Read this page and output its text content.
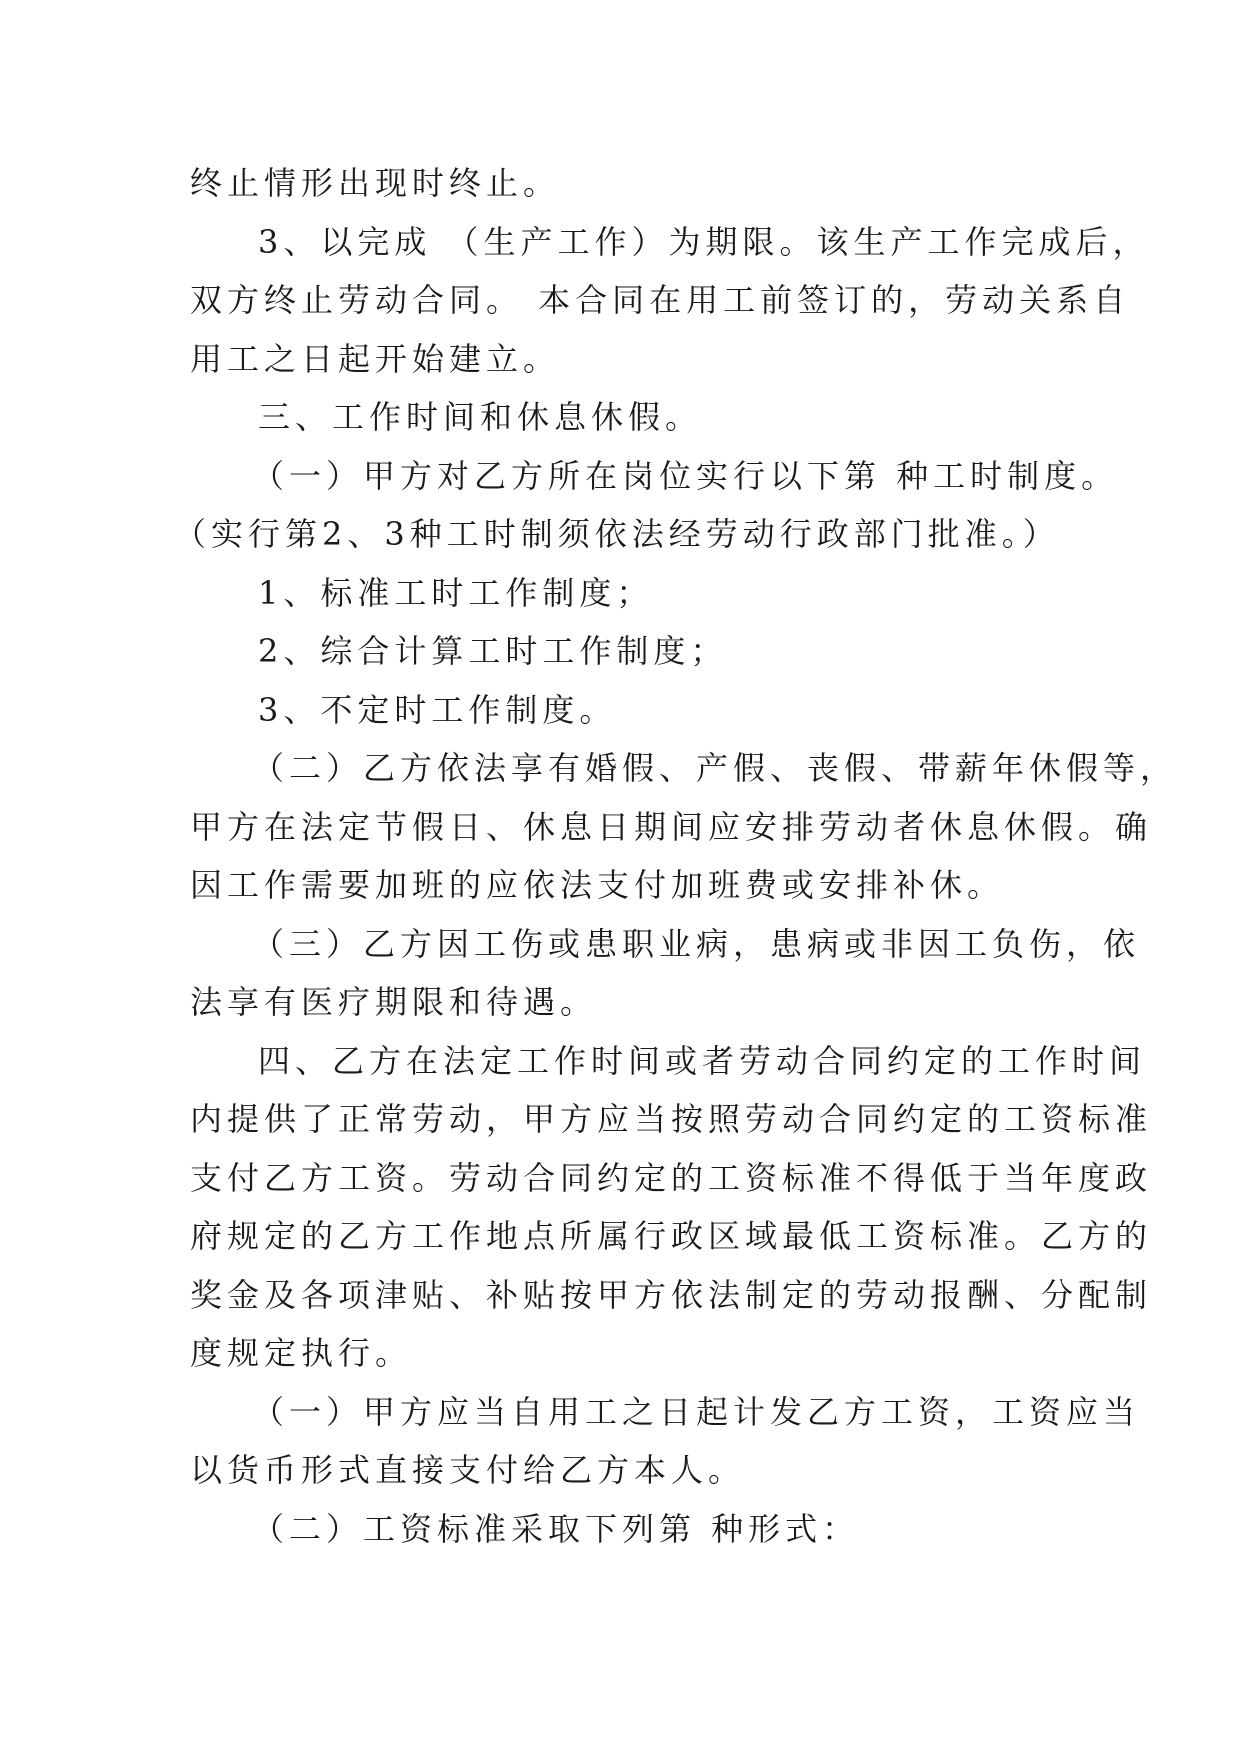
终止情形出现时终止。

3、以完成 （生产工作）为期限。该生产工作完成后，

双方终止劳动合同。 本合同在用工前签订的，劳动关系自

用工之日起开始建立。

三、工作时间和休息休假。

（一）甲方对乙方所在岗位实行以下第 种工时制度。

（实行第2、3种工时制须依法经劳动行政部门批准。）

1、标准工时工作制度；

2、综合计算工时工作制度；

3、不定时工作制度。

（二）乙方依法享有婚假、产假、丧假、带薪年休假等，

甲方在法定节假日、休息日期间应安排劳动者休息休假。确

因工作需要加班的应依法支付加班费或安排补休。

（三）乙方因工伤或患职业病，患病或非因工负伤，依

法享有医疗期限和待遇。

四、乙方在法定工作时间或者劳动合同约定的工作时间

内提供了正常劳动，甲方应当按照劳动合同约定的工资标准

支付乙方工资。劳动合同约定的工资标准不得低于当年度政

府规定的乙方工作地点所属行政区域最低工资标准。乙方的

奖金及各项津贴、补贴按甲方依法制定的劳动报酬、分配制

度规定执行。

（一）甲方应当自用工之日起计发乙方工资，工资应当

以货币形式直接支付给乙方本人。

（二）工资标准采取下列第 种形式：
